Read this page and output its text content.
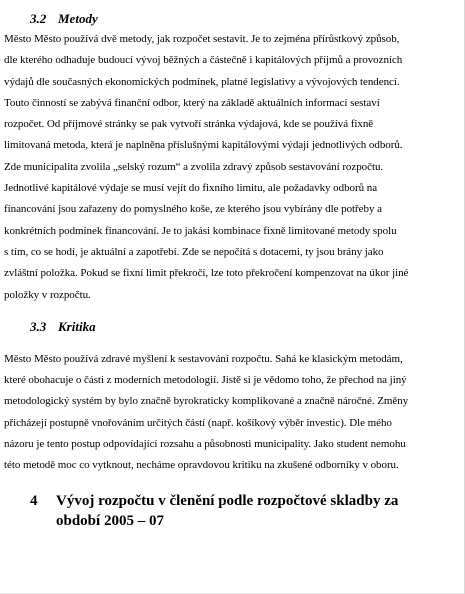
3.2 Metody
Město Město používá dvě metody, jak rozpočet sestavit. Je to zejména přírůstkový způsob,
dle kterého odhaduje budoucí vývoj běžných a částečně i kapitálových příjmů a provozních
výdajů dle současných ekonomických podmínek, platné legislativy a vývojových tendencí.
Touto činností se zabývá finanční odbor, který na základě aktuálních informací sestaví
rozpočet. Od příjmové stránky se pak vytvoří stránka výdajová, kde se používá fixně
limitovaná metoda, která je naplněna příslušnými kapitálovými výdaji jednotlivých odborů.
Zde municipalita zvolila „selský rozum“ a zvolila zdravý způsob sestavování rozpočtu.
Jednotlivé kapitálové výdaje se musí vejít do fixního limitu, ale požadavky odborů na
financování jsou zařazeny do pomyslného koše, ze kterého jsou vybírány dle potřeby a
konkrétních podmínek financování. Je to jakási kombinace fixně limitované metody spolu
s tím, co se hodí, je aktuální a zapotřebí. Zde se nepočítá s dotacemi, ty jsou brány jako
zvláštní položka. Pokud se fixní limit překročí, lze toto překročení kompenzovat na úkor jiné
položky v rozpočtu.
3.3 Kritika
Město Město používá zdravé myšlení k sestavování rozpočtu. Sahá ke klasickým metodám,
které obohacuje o části z moderních metodologií. Jistě si je vědomo toho, že přechod na jiný
metodologický systém by bylo značně byrokraticky komplikované a značně náročné. Změny
přicházejí postupně vnořováním určitých částí (např. košíkový výběr investic). Dle mého
názoru je tento postup odpovídající rozsahu a působnosti municipality. Jako student nemohu
této metodě moc co vytknout, necháme opravdovou kritiku na zkušené odborníky v oboru.
4	Vývoj rozpočtu v členění podle rozpočtové skladby za
období 2005 – 07
